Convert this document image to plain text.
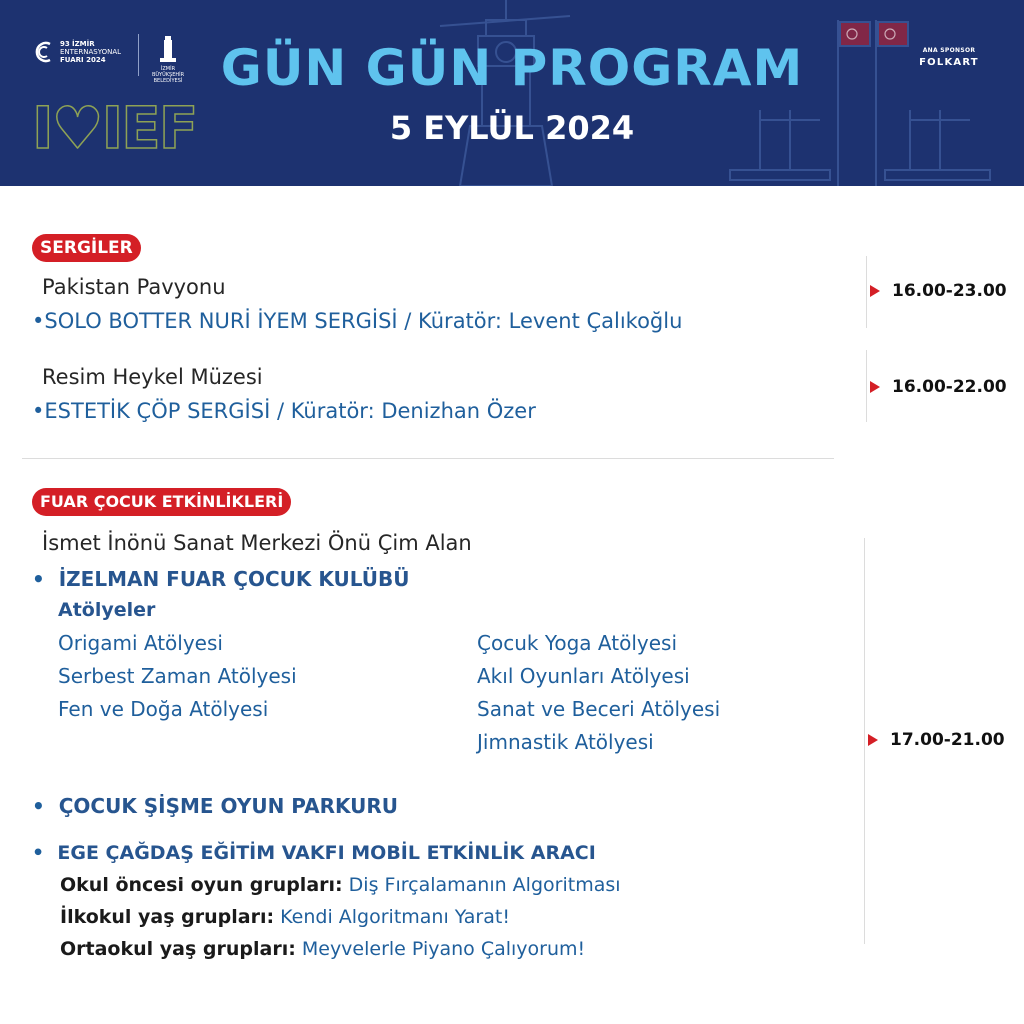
93 İZMİR
ENTERNASYONAL
FUARI 2024
İZMİR BÜYÜKŞEHİR BELEDİYESİ
I♥IEF
GÜN GÜN PROGRAM
5 EYLÜL 2024
ANA SPONSOR
FOLKART
SERGİLER
Pakistan Pavyonu
•SOLO BOTTER NURİ İYEM SERGİSİ / Küratör: Levent Çalıkoğlu
16.00-23.00
Resim Heykel Müzesi
•ESTETİK ÇÖP SERGİSİ / Küratör: Denizhan Özer
16.00-22.00
FUAR ÇOCUK ETKİNLİKLERİ
İsmet İnönü Sanat Merkezi Önü Çim Alan
•  İZELMAN FUAR ÇOCUK KULÜBÜ
Atölyeler
Origami Atölyesi
Serbest Zaman Atölyesi
Fen ve Doğa Atölyesi
Çocuk Yoga Atölyesi
Akıl Oyunları Atölyesi
Sanat ve Beceri Atölyesi
Jimnastik Atölyesi
•  ÇOCUK ŞİŞME OYUN PARKURU
•  EGE ÇAĞDAŞ EĞİTİM VAKFI MOBİL ETKİNLİK ARACI
Okul öncesi oyun grupları: Diş Fırçalamanın Algoritması
İlkokul yaş grupları: Kendi Algoritmanı Yarat!
Ortaokul yaş grupları: Meyvelerle Piyano Çalıyorum!
17.00-21.00
